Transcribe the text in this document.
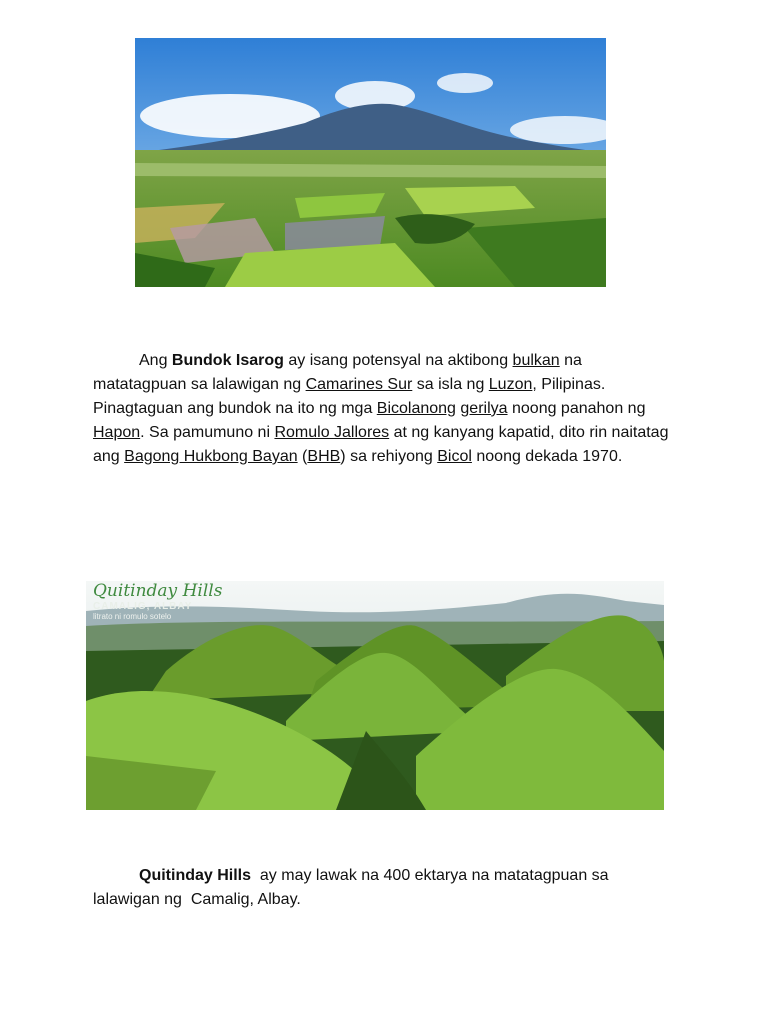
Ang Bundok Isarog ay isang potensyal na aktibong bulkan na matatagpuan sa lalawigan ng Camarines Sur sa isla ng Luzon, Pilipinas. Pinagtaguan ang bundok na ito ng mga Bicolanong gerilya noong panahon ng Hapon. Sa pamumuno ni Romulo Jallores at ng kanyang kapatid, dito rin naitatag ang Bagong Hukbong Bayan (BHB) sa rehiyong Bicol noong dekada 1970.

Quitinday Hills
CAMALIG, ALBAY
litrato ni romulo sotelo

Quitinday Hills  ay may lawak na 400 ektarya na matatagpuan sa lalawigan ng  Camalig, Albay.
